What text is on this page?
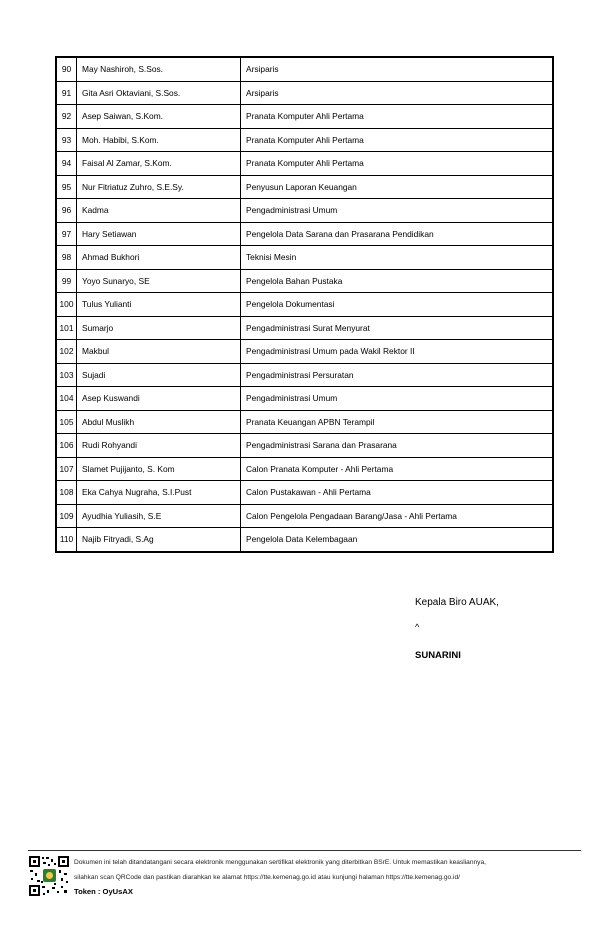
90	May Nashiroh, S.Sos.	Arsiparis
91	Gita Asri Oktaviani, S.Sos.	Arsiparis
92	Asep Saiwan, S.Kom.	Pranata Komputer Ahli Pertama
93	Moh. Habibi, S.Kom.	Pranata Komputer Ahli Pertama
94	Faisal Al Zamar, S.Kom.	Pranata Komputer Ahli Pertama
95	Nur Fitriatuz Zuhro, S.E.Sy.	Penyusun Laporan Keuangan
96	Kadma	Pengadministrasi Umum
97	Hary Setiawan	Pengelola Data Sarana dan Prasarana Pendidikan
98	Ahmad Bukhori	Teknisi Mesin
99	Yoyo Sunaryo, SE	Pengelola Bahan Pustaka
100	Tulus Yulianti	Pengelola Dokumentasi
101	Sumarjo	Pengadministrasi Surat Menyurat
102	Makbul	Pengadministrasi Umum pada Wakil Rektor II
103	Sujadi	Pengadministrasi Persuratan
104	Asep Kuswandi	Pengadministrasi Umum
105	Abdul Muslikh	Pranata Keuangan APBN Terampil
106	Rudi Rohyandi	Pengadministrasi Sarana dan Prasarana
107	Slamet Pujijanto, S. Kom	Calon Pranata Komputer - Ahli Pertama
108	Eka Cahya Nugraha, S.I.Pust	Calon Pustakawan - Ahli Pertama
109	Ayudhia Yuliasih, S.E	Calon Pengelola Pengadaan Barang/Jasa - Ahli Pertama
110	Najib Fitryadi, S.Ag	Pengelola Data Kelembagaan
Kepala Biro AUAK,
^
SUNARINI
Dokumen ini telah ditandatangani secara elektronik menggunakan sertifikat elektronik yang diterbitkan BSrE. Untuk memastikan keasliannya,
silahkan scan QRCode dan pastikan diarahkan ke alamat https://tte.kemenag.go.id atau kunjungi halaman https://tte.kemenag.go.id/
Token : OyUsAX
